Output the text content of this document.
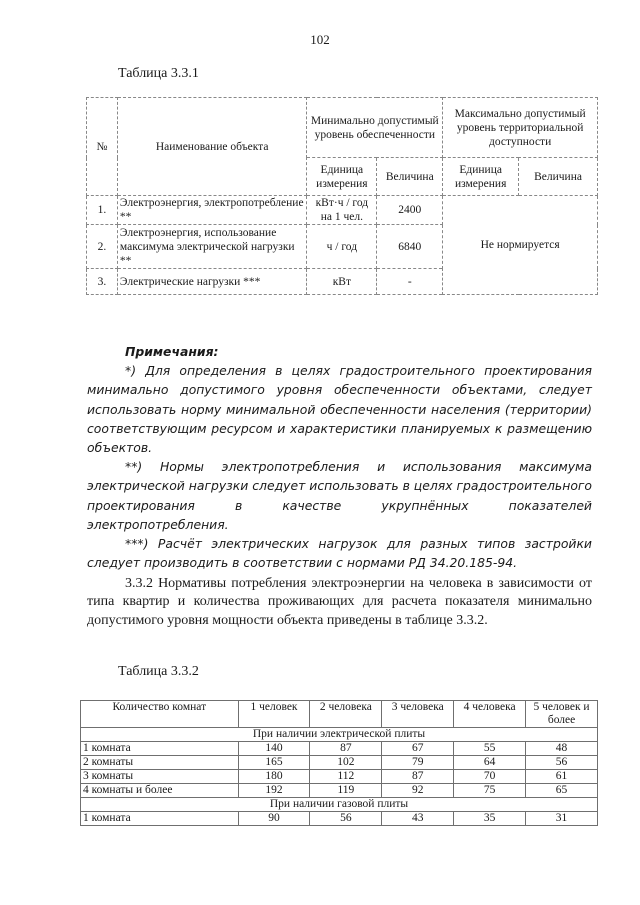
102
Таблица 3.3.1
№	Наименование объекта	Минимально допустимый уровень обеспеченности		Максимально допустимый уровень территориальной доступности	
		Единица измерения	Величина	Единица измерения	Величина
1.	Электроэнергия, электропотребление **	кВт·ч / год на 1 чел.	2400	Не нормируется	
2.	Электроэнергия, использование максимума электрической нагрузки **	ч / год	6840		
3.	Электрические нагрузки ***	кВт	-		

Примечания:

*) Для определения в целях градостроительного проектирования минимально допустимого уровня обеспеченности объектами, следует использовать норму минимальной обеспеченности населения (территории) соответствующим ресурсом и характеристики планируемых к размещению объектов.

**) Нормы электропотребления и использования максимума электрической нагрузки следует использовать в целях градостроительного проектирования в качестве укрупнённых показателей электропотребления.

***) Расчёт электрических нагрузок для разных типов застройки следует производить в соответствии с нормами РД 34.20.185-94.

3.3.2 Нормативы потребления электроэнергии на человека в зависимости от типа квартир и количества проживающих для расчета показателя минимально допустимого уровня мощности объекта приведены в таблице 3.3.2.

Таблица 3.3.2
Количество комнат	1 человек	2 человека	3 человека	4 человека	5 человек и более
При наличии электрической плиты					
1 комната	140	87	67	55	48
2 комнаты	165	102	79	64	56
3 комнаты	180	112	87	70	61
4 комнаты и более	192	119	92	75	65
При наличии газовой плиты					
1 комната	90	56	43	35	31
